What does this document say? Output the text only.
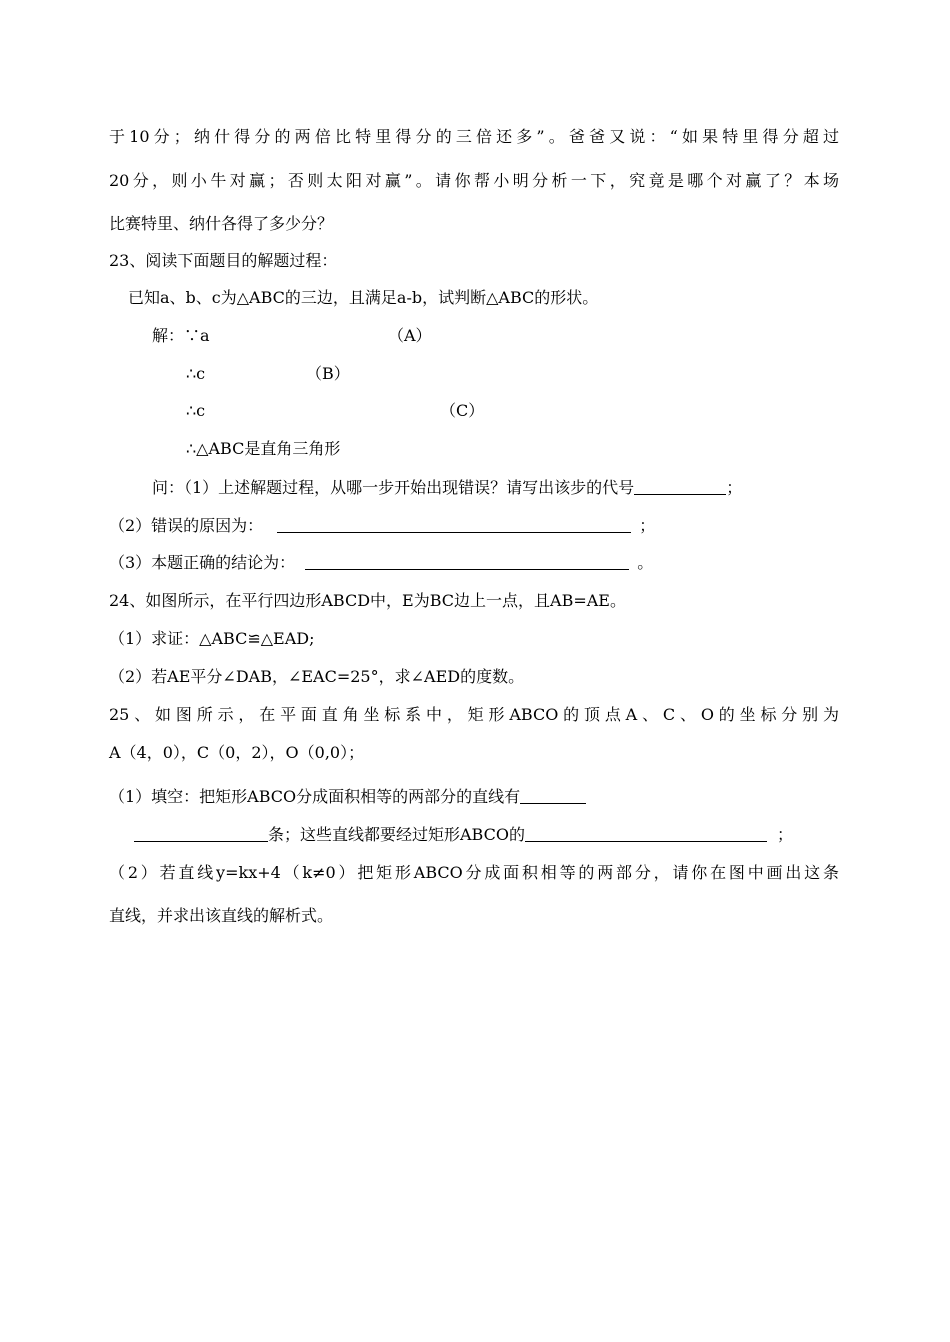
于10分；纳什得分的两倍比特里得分的三倍还多”。爸爸又说：“如果特里得分超过
20分，则小牛对赢；否则太阳对赢”。请你帮小明分析一下，究竟是哪个对赢了？本场
比赛特里、纳什各得了多少分？
23、阅读下面题目的解题过程：
已知a、b、c为△ABC的三边，且满足a-b，试判断△ABC的形状。
解：∵a	（A）
∴c	（B）
∴c	（C）
∴△ABC是直角三角形
问：（1）上述解题过程，从哪一步开始出现错误？请写出该步的代号	；
（2）错误的原因为：	；
（3）本题正确的结论为：	。
24、如图所示，在平行四边形ABCD中，E为BC边上一点，且AB=AE。
（1）求证：△ABC≌△EAD;
（2）若AE平分∠DAB，∠EAC=25°，求∠AED的度数。
25、如图所示，在平面直角坐标系中，矩形ABCO的顶点A、C、O的坐标分别为
A（4，0），C（0，2），O（0,0）；
（1）填空：把矩形ABCO分成面积相等的两部分的直线有
条；这些直线都要经过矩形ABCO的	；
（2）若直线y=kx+4（k≠0）把矩形ABCO分成面积相等的两部分，请你在图中画出这条
直线，并求出该直线的解析式。
